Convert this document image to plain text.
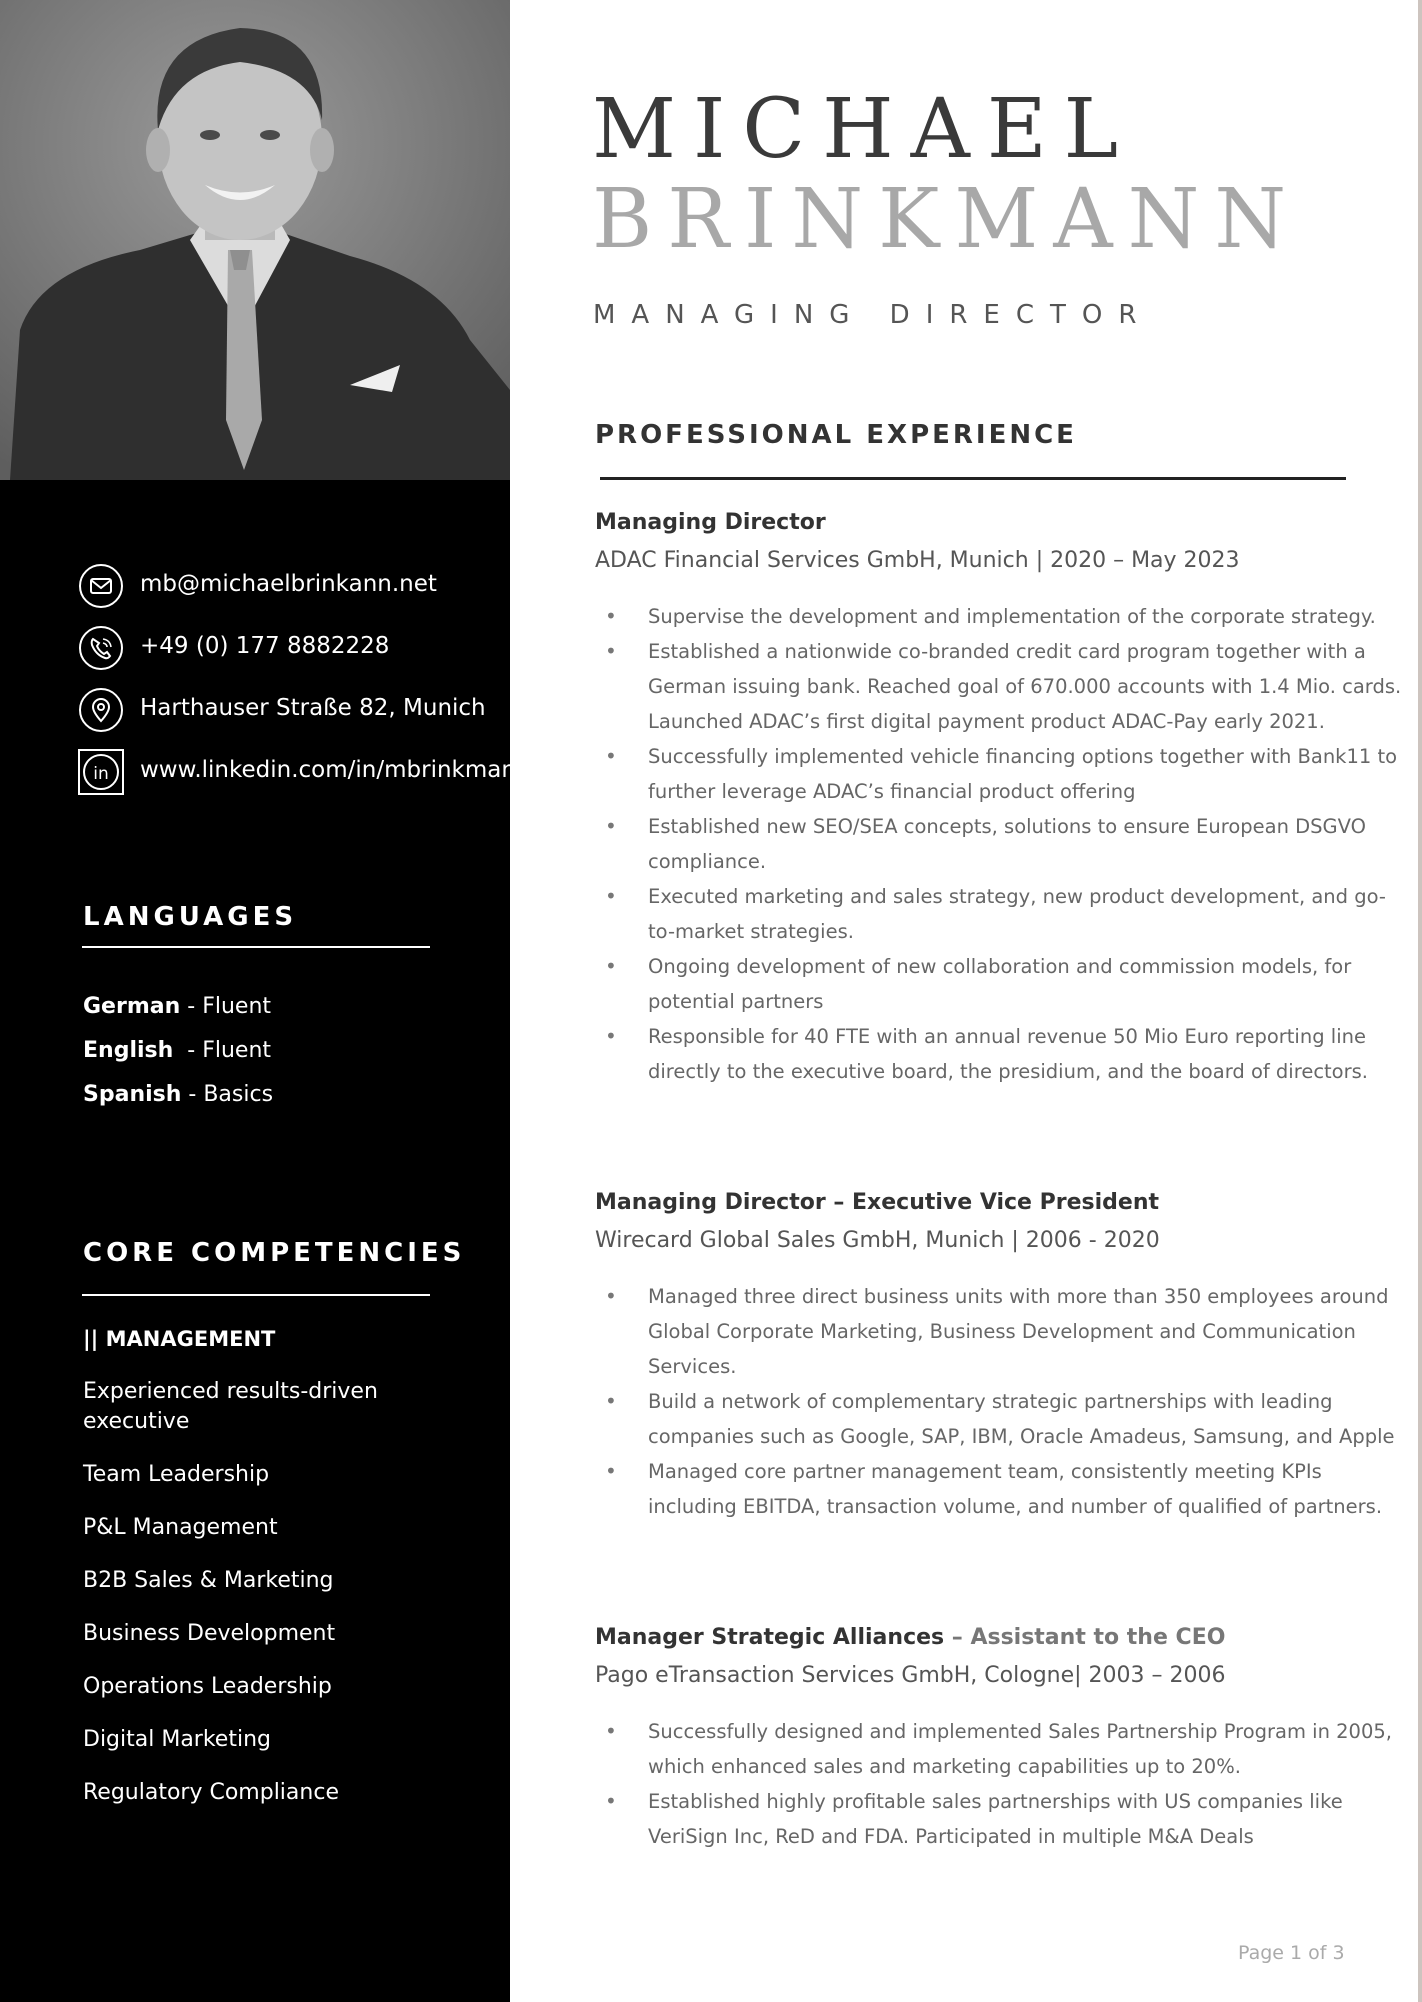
mb@michaelbrinkann.net
+49 (0) 177 8882228
Harthauser Straße 82, Munich
in www.linkedin.com/in/mbrinkmann
LANGUAGES
German - Fluent
English  - Fluent
Spanish - Basics
CORE COMPETENCIES
|| MANAGEMENT
Experienced results-driven executive
Team Leadership
P&L Management
B2B Sales & Marketing
Business Development
Operations Leadership
Digital Marketing
Regulatory Compliance
MICHAEL
BRINKMANN
MANAGING DIRECTOR
PROFESSIONAL EXPERIENCE
Managing Director
ADAC Financial Services GmbH, Munich | 2020 – May 2023
• Supervise the development and implementation of the corporate strategy.
• Established a nationwide co-branded credit card program together with a German issuing bank. Reached goal of 670.000 accounts with 1.4 Mio. cards. Launched ADAC’s first digital payment product ADAC-Pay early 2021.
• Successfully implemented vehicle financing options together with Bank11 to further leverage ADAC’s financial product offering
• Established new SEO/SEA concepts, solutions to ensure European DSGVO compliance.
• Executed marketing and sales strategy, new product development, and go-to-market strategies.
• Ongoing development of new collaboration and commission models, for potential partners
• Responsible for 40 FTE with an annual revenue 50 Mio Euro reporting line directly to the executive board, the presidium, and the board of directors.
Managing Director – Executive Vice President
Wirecard Global Sales GmbH, Munich | 2006 - 2020
• Managed three direct business units with more than 350 employees around Global Corporate Marketing, Business Development and Communication Services.
• Build a network of complementary strategic partnerships with leading companies such as Google, SAP, IBM, Oracle Amadeus, Samsung, and Apple
• Managed core partner management team, consistently meeting KPIs including EBITDA, transaction volume, and number of qualified of partners.
Manager Strategic Alliances – Assistant to the CEO
Pago eTransaction Services GmbH, Cologne| 2003 – 2006
• Successfully designed and implemented Sales Partnership Program in 2005, which enhanced sales and marketing capabilities up to 20%.
• Established highly profitable sales partnerships with US companies like VeriSign Inc, ReD and FDA. Participated in multiple M&A Deals
Page 1 of 3
